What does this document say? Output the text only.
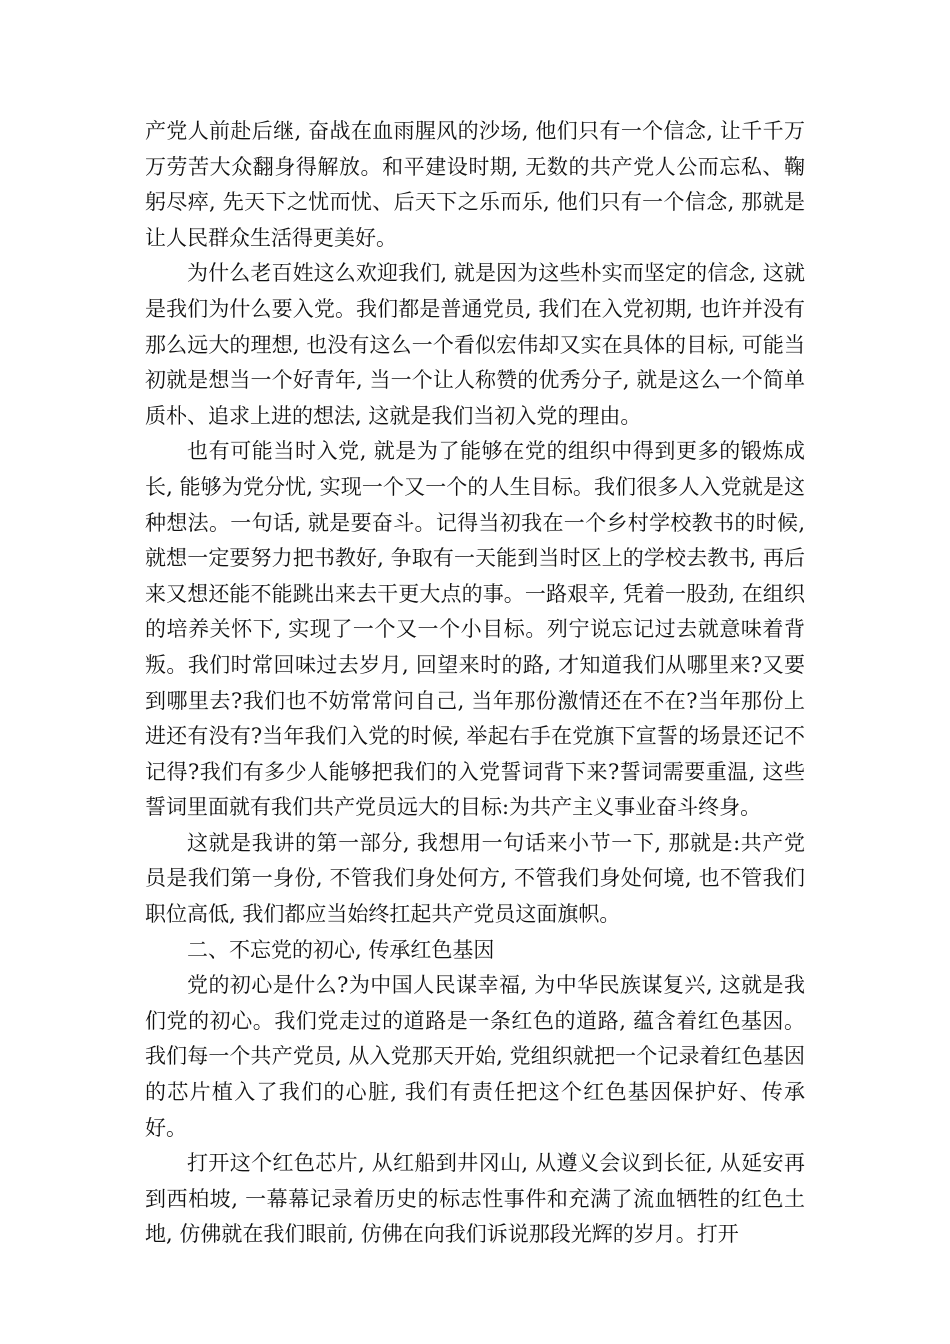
产党人前赴后继, 奋战在血雨腥风的沙场, 他们只有一个信念, 让千千万万劳苦大众翻身得解放。和平建设时期, 无数的共产党人公而忘私、鞠躬尽瘁, 先天下之忧而忧、后天下之乐而乐, 他们只有一个信念, 那就是让人民群众生活得更美好。

为什么老百姓这么欢迎我们, 就是因为这些朴实而坚定的信念, 这就是我们为什么要入党。我们都是普通党员, 我们在入党初期, 也许并没有那么远大的理想, 也没有这么一个看似宏伟却又实在具体的目标, 可能当初就是想当一个好青年, 当一个让人称赞的优秀分子, 就是这么一个简单质朴、追求上进的想法, 这就是我们当初入党的理由。

也有可能当时入党, 就是为了能够在党的组织中得到更多的锻炼成长, 能够为党分忧, 实现一个又一个的人生目标。我们很多人入党就是这种想法。一句话, 就是要奋斗。记得当初我在一个乡村学校教书的时候, 就想一定要努力把书教好, 争取有一天能到当时区上的学校去教书, 再后来又想还能不能跳出来去干更大点的事。一路艰辛, 凭着一股劲, 在组织的培养关怀下, 实现了一个又一个小目标。列宁说忘记过去就意味着背叛。我们时常回味过去岁月, 回望来时的路, 才知道我们从哪里来?又要到哪里去?我们也不妨常常问自己, 当年那份激情还在不在?当年那份上进还有没有?当年我们入党的时候, 举起右手在党旗下宣誓的场景还记不记得?我们有多少人能够把我们的入党誓词背下来?誓词需要重温, 这些誓词里面就有我们共产党员远大的目标:为共产主义事业奋斗终身。

这就是我讲的第一部分, 我想用一句话来小节一下, 那就是:共产党员是我们第一身份, 不管我们身处何方, 不管我们身处何境, 也不管我们职位高低, 我们都应当始终扛起共产党员这面旗帜。

二、不忘党的初心, 传承红色基因

党的初心是什么?为中国人民谋幸福, 为中华民族谋复兴, 这就是我们党的初心。我们党走过的道路是一条红色的道路, 蕴含着红色基因。我们每一个共产党员, 从入党那天开始, 党组织就把一个记录着红色基因的芯片植入了我们的心脏, 我们有责任把这个红色基因保护好、传承好。

打开这个红色芯片, 从红船到井冈山, 从遵义会议到长征, 从延安再到西柏坡, 一幕幕记录着历史的标志性事件和充满了流血牺牲的红色土地, 仿佛就在我们眼前, 仿佛在向我们诉说那段光辉的岁月。打开
